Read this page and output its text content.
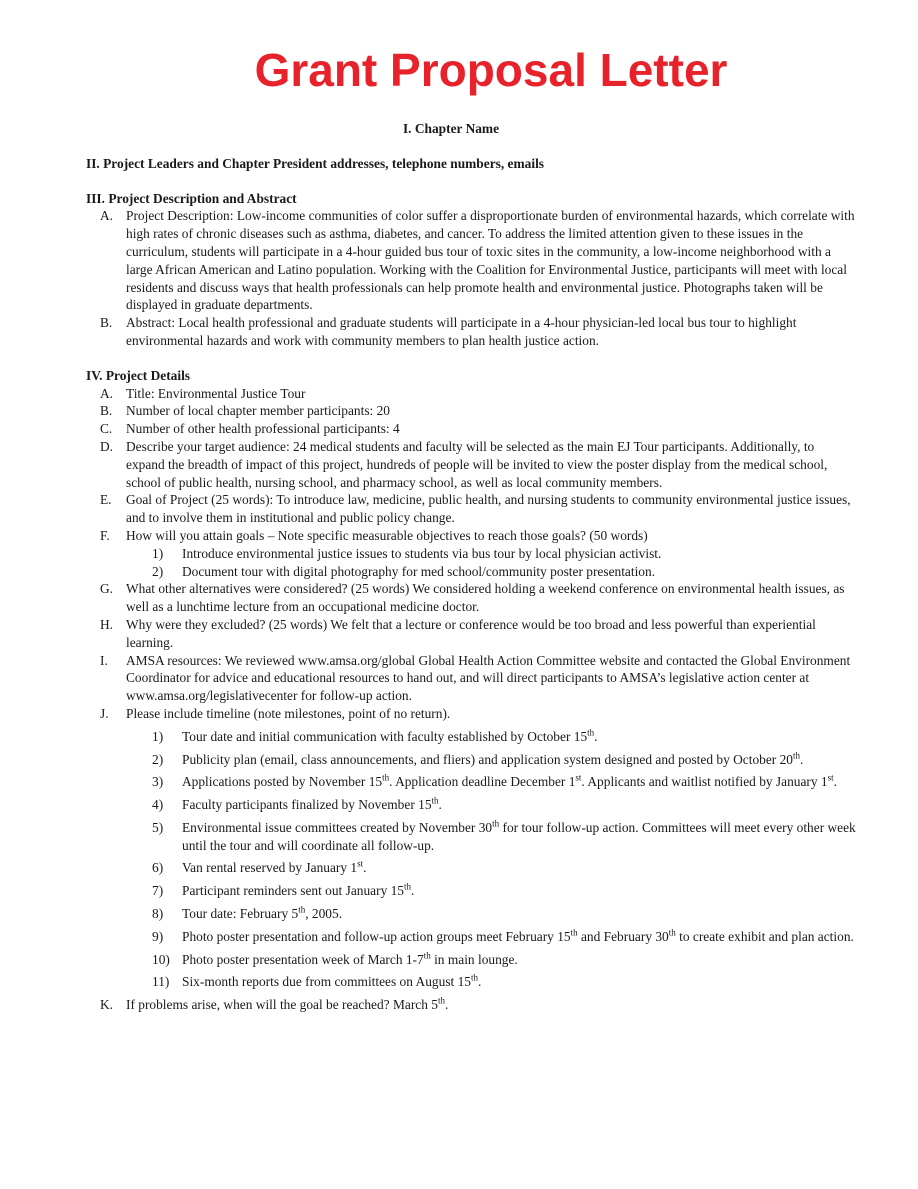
Grant Proposal Letter
I. Chapter Name
II. Project Leaders and Chapter President addresses, telephone numbers, emails
III. Project Description and Abstract
A. Project Description: Low-income communities of color suffer a disproportionate burden of environmental hazards, which correlate with high rates of chronic diseases such as asthma, diabetes, and cancer. To address the limited attention given to these issues in the curriculum, students will participate in a 4-hour guided bus tour of toxic sites in the community, a low-income neighborhood with a large African American and Latino population. Working with the Coalition for Environmental Justice, participants will meet with local residents and discuss ways that health professionals can help promote health and environmental justice. Photographs taken will be displayed in graduate departments.
B. Abstract: Local health professional and graduate students will participate in a 4-hour physician-led local bus tour to highlight environmental hazards and work with community members to plan health justice action.
IV. Project Details
A. Title: Environmental Justice Tour
B. Number of local chapter member participants: 20
C. Number of other health professional participants: 4
D. Describe your target audience: 24 medical students and faculty will be selected as the main EJ Tour participants. Additionally, to expand the breadth of impact of this project, hundreds of people will be invited to view the poster display from the medical school, school of public health, nursing school, and pharmacy school, as well as local community members.
E. Goal of Project (25 words): To introduce law, medicine, public health, and nursing students to community environmental justice issues, and to involve them in institutional and public policy change.
F. How will you attain goals – Note specific measurable objectives to reach those goals? (50 words)
1) Introduce environmental justice issues to students via bus tour by local physician activist.
2) Document tour with digital photography for med school/community poster presentation.
G. What other alternatives were considered? (25 words) We considered holding a weekend conference on environmental health issues, as well as a lunchtime lecture from an occupational medicine doctor.
H. Why were they excluded? (25 words) We felt that a lecture or conference would be too broad and less powerful than experiential learning.
I. AMSA resources: We reviewed www.amsa.org/global Global Health Action Committee website and contacted the Global Environment Coordinator for advice and educational resources to hand out, and will direct participants to AMSA’s legislative action center at www.amsa.org/legislativecenter for follow-up action.
J. Please include timeline (note milestones, point of no return).
1) Tour date and initial communication with faculty established by October 15th.
2) Publicity plan (email, class announcements, and fliers) and application system designed and posted by October 20th.
3) Applications posted by November 15th. Application deadline December 1st. Applicants and waitlist notified by January 1st.
4) Faculty participants finalized by November 15th.
5) Environmental issue committees created by November 30th for tour follow-up action. Committees will meet every other week until the tour and will coordinate all follow-up.
6) Van rental reserved by January 1st.
7) Participant reminders sent out January 15th.
8) Tour date: February 5th, 2005.
9) Photo poster presentation and follow-up action groups meet February 15th and February 30th to create exhibit and plan action.
10) Photo poster presentation week of March 1-7th in main lounge.
11) Six-month reports due from committees on August 15th.
K. If problems arise, when will the goal be reached? March 5th.
